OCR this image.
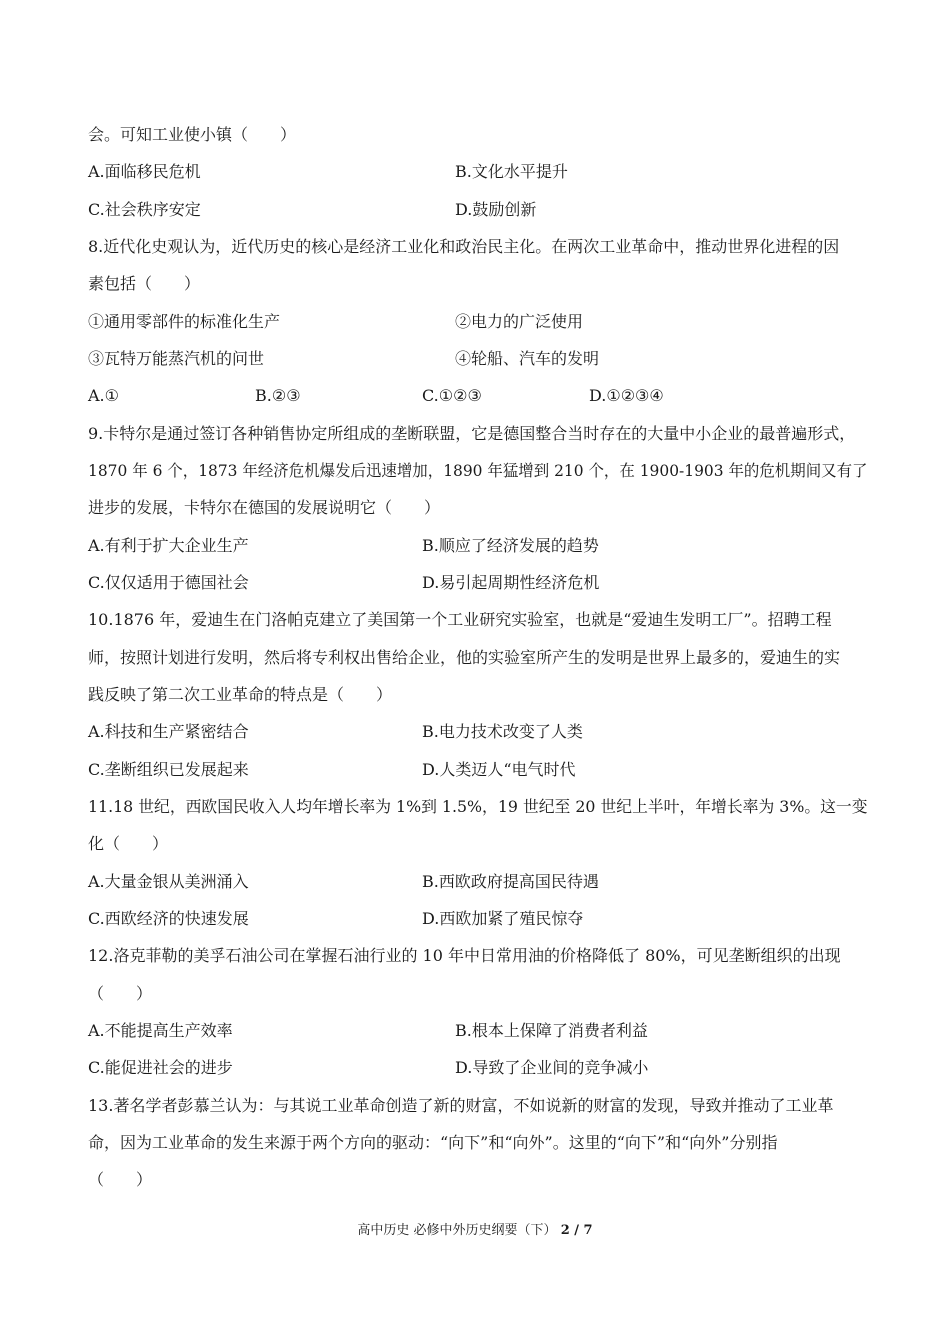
会。可知工业使小镇（　　）
A.面临移民危机	B.文化水平提升
C.社会秩序安定	D.鼓励创新
8.近代化史观认为，近代历史的核心是经济工业化和政治民主化。在两次工业革命中，推动世界化进程的因
素包括（　　）
①通用零部件的标准化生产	②电力的广泛使用
③瓦特万能蒸汽机的问世	④轮船、汽车的发明
A.①	B.②③	C.①②③	D.①②③④
9.卡特尔是通过签订各种销售协定所组成的垄断联盟，它是德国整合当时存在的大量中小企业的最普遍形式，
1870 年 6 个，1873 年经济危机爆发后迅速增加，1890 年猛增到 210 个，在 1900-1903 年的危机期间又有了
进步的发展，卡特尔在德国的发展说明它（　　）
A.有利于扩大企业生产	B.顺应了经济发展的趋势
C.仅仅适用于德国社会	D.易引起周期性经济危机
10.1876 年，爱迪生在门洛帕克建立了美国第一个工业研究实验室，也就是“爱迪生发明工厂”。招聘工程
师，按照计划进行发明，然后将专利权出售给企业，他的实验室所产生的发明是世界上最多的，爱迪生的实
践反映了第二次工业革命的特点是（　　）
A.科技和生产紧密结合	B.电力技术改变了人类
C.垄断组织已发展起来	D.人类迈人“电气时代
11.18 世纪，西欧国民收入人均年增长率为 1%到 1.5%，19 世纪至 20 世纪上半叶，年增长率为 3%。这一变
化（　　）
A.大量金银从美洲涌入	B.西欧政府提高国民待遇
C.西欧经济的快速发展	D.西欧加紧了殖民惊夺
12.洛克菲勒的美孚石油公司在掌握石油行业的 10 年中日常用油的价格降低了 80%，可见垄断组织的出现
（　　）
A.不能提高生产效率	B.根本上保障了消费者利益
C.能促进社会的进步	D.导致了企业间的竞争减小
13.著名学者彭慕兰认为：与其说工业革命创造了新的财富，不如说新的财富的发现，导致并推动了工业革
命，因为工业革命的发生来源于两个方向的驱动：“向下”和“向外”。这里的“向下”和“向外”分别指
（　　）
高中历史 必修中外历史纲要（下） 2 / 7
